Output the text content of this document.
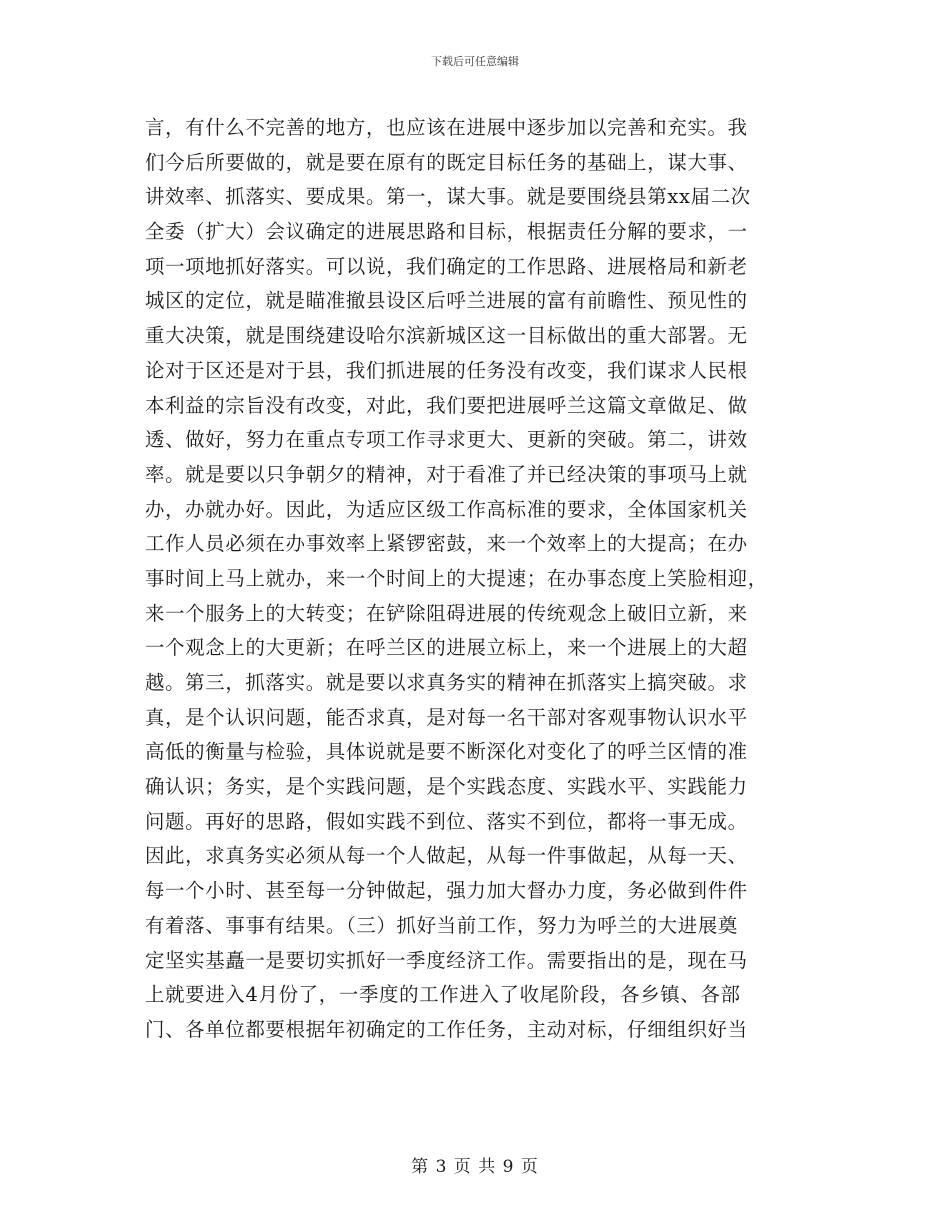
下载后可任意编辑
言，有什么不完善的地方，也应该在进展中逐步加以完善和充实。我
们今后所要做的，就是要在原有的既定目标任务的基础上，谋大事、
讲效率、抓落实、要成果。第一，谋大事。就是要围绕县第xx届二次
全委（扩大）会议确定的进展思路和目标，根据责任分解的要求，一
项一项地抓好落实。可以说，我们确定的工作思路、进展格局和新老
城区的定位，就是瞄准撤县设区后呼兰进展的富有前瞻性、预见性的
重大决策，就是围绕建设哈尔滨新城区这一目标做出的重大部署。无
论对于区还是对于县，我们抓进展的任务没有改变，我们谋求人民根
本利益的宗旨没有改变，对此，我们要把进展呼兰这篇文章做足、做
透、做好，努力在重点专项工作寻求更大、更新的突破。第二，讲效
率。就是要以只争朝夕的精神，对于看准了并已经决策的事项马上就
办，办就办好。因此，为适应区级工作高标准的要求，全体国家机关
工作人员必须在办事效率上紧锣密鼓，来一个效率上的大提高；在办
事时间上马上就办，来一个时间上的大提速；在办事态度上笑脸相迎，
来一个服务上的大转变；在铲除阻碍进展的传统观念上破旧立新，来
一个观念上的大更新；在呼兰区的进展立标上，来一个进展上的大超
越。第三，抓落实。就是要以求真务实的精神在抓落实上搞突破。求
真，是个认识问题，能否求真，是对每一名干部对客观事物认识水平
高低的衡量与检验，具体说就是要不断深化对变化了的呼兰区情的准
确认识；务实，是个实践问题，是个实践态度、实践水平、实践能力
问题。再好的思路，假如实践不到位、落实不到位，都将一事无成。
因此，求真务实必须从每一个人做起，从每一件事做起，从每一天、
每一个小时、甚至每一分钟做起，强力加大督办力度，务必做到件件
有着落、事事有结果。（三）抓好当前工作，努力为呼兰的大进展奠
定坚实基矗一是要切实抓好一季度经济工作。需要指出的是，现在马
上就要进入4月份了，一季度的工作进入了收尾阶段，各乡镇、各部
门、各单位都要根据年初确定的工作任务，主动对标，仔细组织好当
第 3 页 共 9 页
